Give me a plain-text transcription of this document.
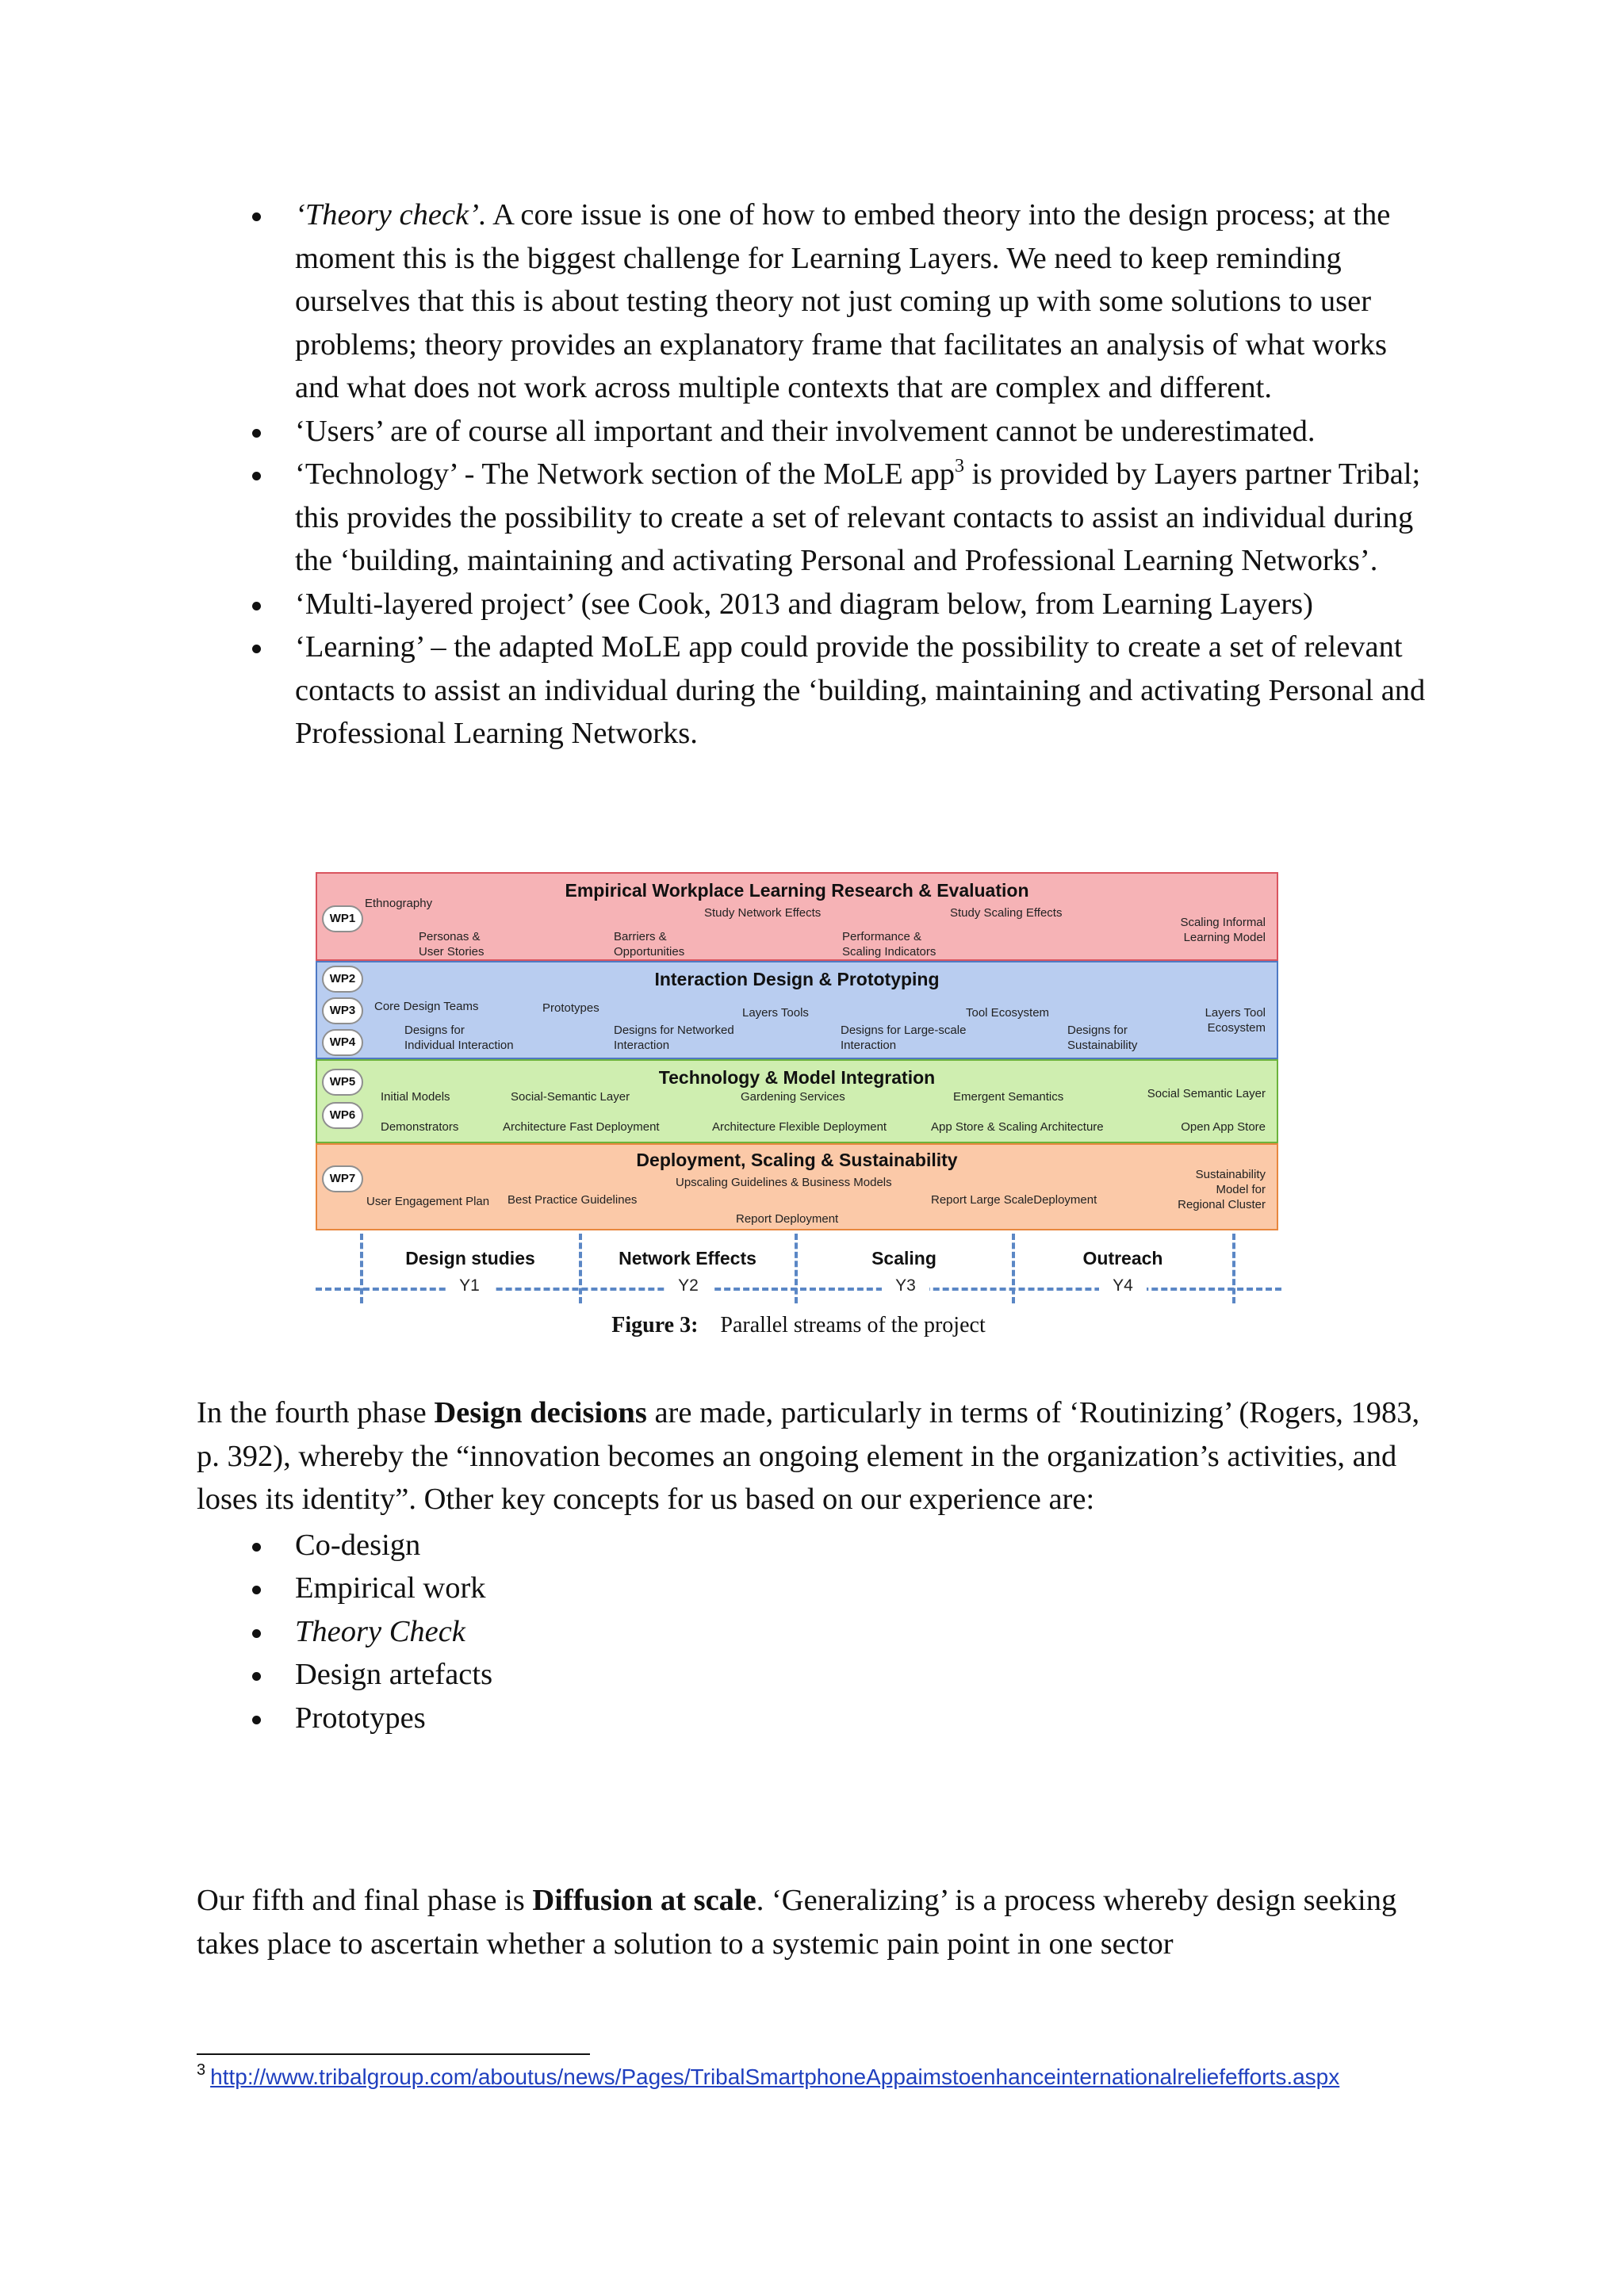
‘Theory check’. A core issue is one of how to embed theory into the design process; at the moment this is the biggest challenge for Learning Layers. We need to keep reminding ourselves that this is about testing theory not just coming up with some solutions to user problems; theory provides an explanatory frame that facilitates an analysis of what works and what does not work across multiple contexts that are complex and different.
‘Users’ are of course all important and their involvement cannot be underestimated.
‘Technology’ - The Network section of the MoLE app$^3$ is provided by Layers partner Tribal; this provides the possibility to create a set of relevant contacts to assist an individual during the ‘building, maintaining and activating Personal and Professional Learning Networks’.
‘Multi-layered project’ (see Cook, 2013 and diagram below, from Learning Layers)
‘Learning’ – the adapted MoLE app could provide the possibility to create a set of relevant contacts to assist an individual during the ‘building, maintaining and activating Personal and Professional Learning Networks.
Empirical Workplace Learning Research & Evaluation
WP1
Ethnography
Study Network Effects	Study Scaling Effects
Scaling Informal
Learning Model
Personas &
User Stories
Barriers &
Opportunities
Performance &
Scaling Indicators
Interaction Design & Prototyping
WP2
WP3
WP4
Core Design Teams	Prototypes	Layers Tools	Tool Ecosystem	Layers Tool
Ecosystem
Designs for
Individual Interaction
Designs for Networked
Interaction
Designs for Large-scale
Interaction
Designs for
Sustainability
Technology & Model Integration
WP5
WP6
Initial Models	Social-Semantic Layer	Gardening Services	Emergent Semantics	Social Semantic Layer
Demonstrators	Architecture Fast Deployment	Architecture Flexible Deployment	App Store & Scaling Architecture	Open App Store
Deployment, Scaling & Sustainability
WP7	Upscaling Guidelines & Business Models
User Engagement Plan Best Practice Guidelines	Report Large ScaleDeployment
Sustainability
Model for
Regional Cluster
Report Deployment
Design studies	Network Effects	Scaling	Outreach
Y1	Y2	Y3	Y4
Figure 3: Parallel streams of the project

In the fourth phase Design decisions are made, particularly in terms of ‘Routinizing’ (Rogers, 1983, p. 392), whereby the “innovation becomes an ongoing element in the organization’s activities, and loses its identity”. Other key concepts for us based on our experience are:

Co-design
Empirical work
Theory Check
Design artefacts
Prototypes

Our fifth and final phase is Diffusion at scale. ‘Generalizing’ is a process whereby design seeking takes place to ascertain whether a solution to a systemic pain point in one sector

$^3$ http://www.tribalgroup.com/aboutus/news/Pages/TribalSmartphoneAppaimstoenhanceinternationalreliefefforts.aspx
